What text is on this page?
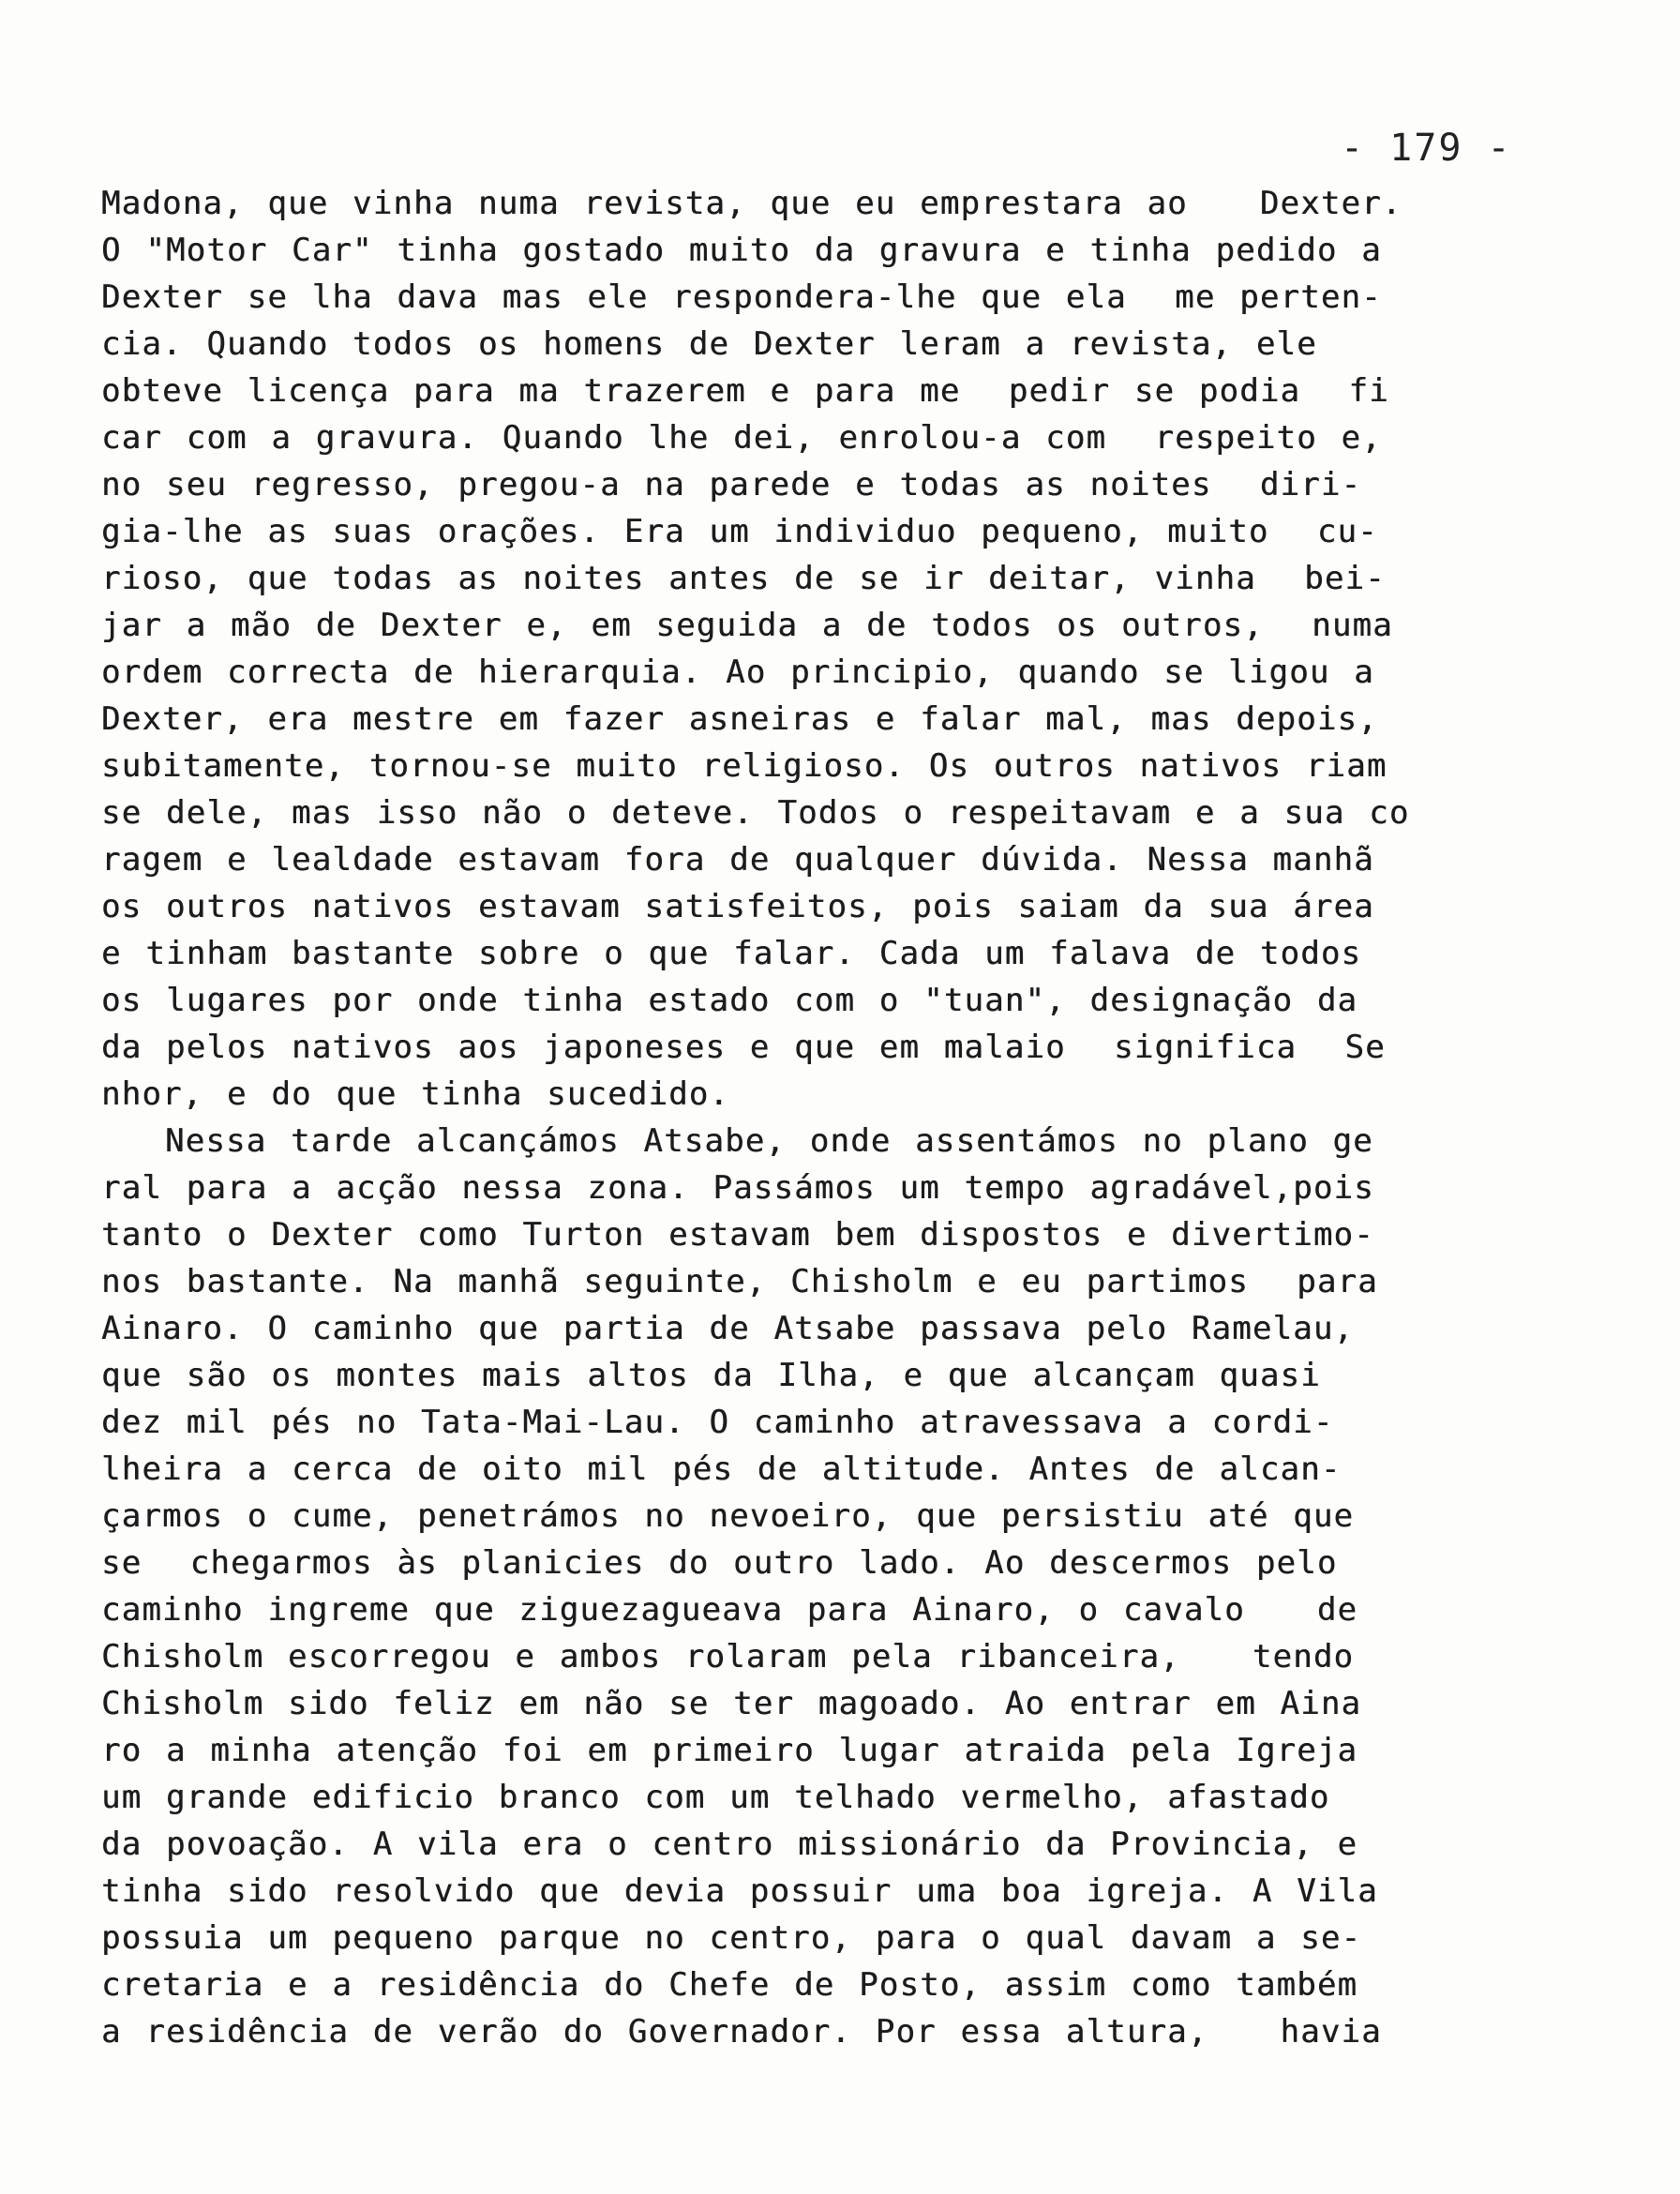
- 179 -
Madona, que vinha numa revista, que eu emprestara ao   Dexter.
O "Motor Car" tinha gostado muito da gravura e tinha pedido a
Dexter se lha dava mas ele respondera-lhe que ela  me perten-
cia. Quando todos os homens de Dexter leram a revista, ele
obteve licença para ma trazerem e para me  pedir se podia  fi
car com a gravura. Quando lhe dei, enrolou-a com  respeito e,
no seu regresso, pregou-a na parede e todas as noites  diri-
gia-lhe as suas orações. Era um individuo pequeno, muito  cu-
rioso, que todas as noites antes de se ir deitar, vinha  bei-
jar a mão de Dexter e, em seguida a de todos os outros,  numa
ordem correcta de hierarquia. Ao principio, quando se ligou a
Dexter, era mestre em fazer asneiras e falar mal, mas depois,
subitamente, tornou-se muito religioso. Os outros nativos riam
se dele, mas isso não o deteve. Todos o respeitavam e a sua co
ragem e lealdade estavam fora de qualquer dúvida. Nessa manhã
os outros nativos estavam satisfeitos, pois saiam da sua área
e tinham bastante sobre o que falar. Cada um falava de todos
os lugares por onde tinha estado com o "tuan", designação da
da pelos nativos aos japoneses e que em malaio  significa  Se
nhor, e do que tinha sucedido.
Nessa tarde alcançámos Atsabe, onde assentámos no plano ge
ral para a acção nessa zona. Passámos um tempo agradável,pois
tanto o Dexter como Turton estavam bem dispostos e divertimo-
nos bastante. Na manhã seguinte, Chisholm e eu partimos  para
Ainaro. O caminho que partia de Atsabe passava pelo Ramelau,
que são os montes mais altos da Ilha, e que alcançam quasi
dez mil pés no Tata-Mai-Lau. O caminho atravessava a cordi-
lheira a cerca de oito mil pés de altitude. Antes de alcan-
çarmos o cume, penetrámos no nevoeiro, que persistiu até que
se  chegarmos às planicies do outro lado. Ao descermos pelo
caminho ingreme que ziguezagueava para Ainaro, o cavalo   de
Chisholm escorregou e ambos rolaram pela ribanceira,   tendo
Chisholm sido feliz em não se ter magoado. Ao entrar em Aina
ro a minha atenção foi em primeiro lugar atraida pela Igreja
um grande edificio branco com um telhado vermelho, afastado
da povoação. A vila era o centro missionário da Provincia, e
tinha sido resolvido que devia possuir uma boa igreja. A Vila
possuia um pequeno parque no centro, para o qual davam a se-
cretaria e a residência do Chefe de Posto, assim como também
a residência de verão do Governador. Por essa altura,   havia
